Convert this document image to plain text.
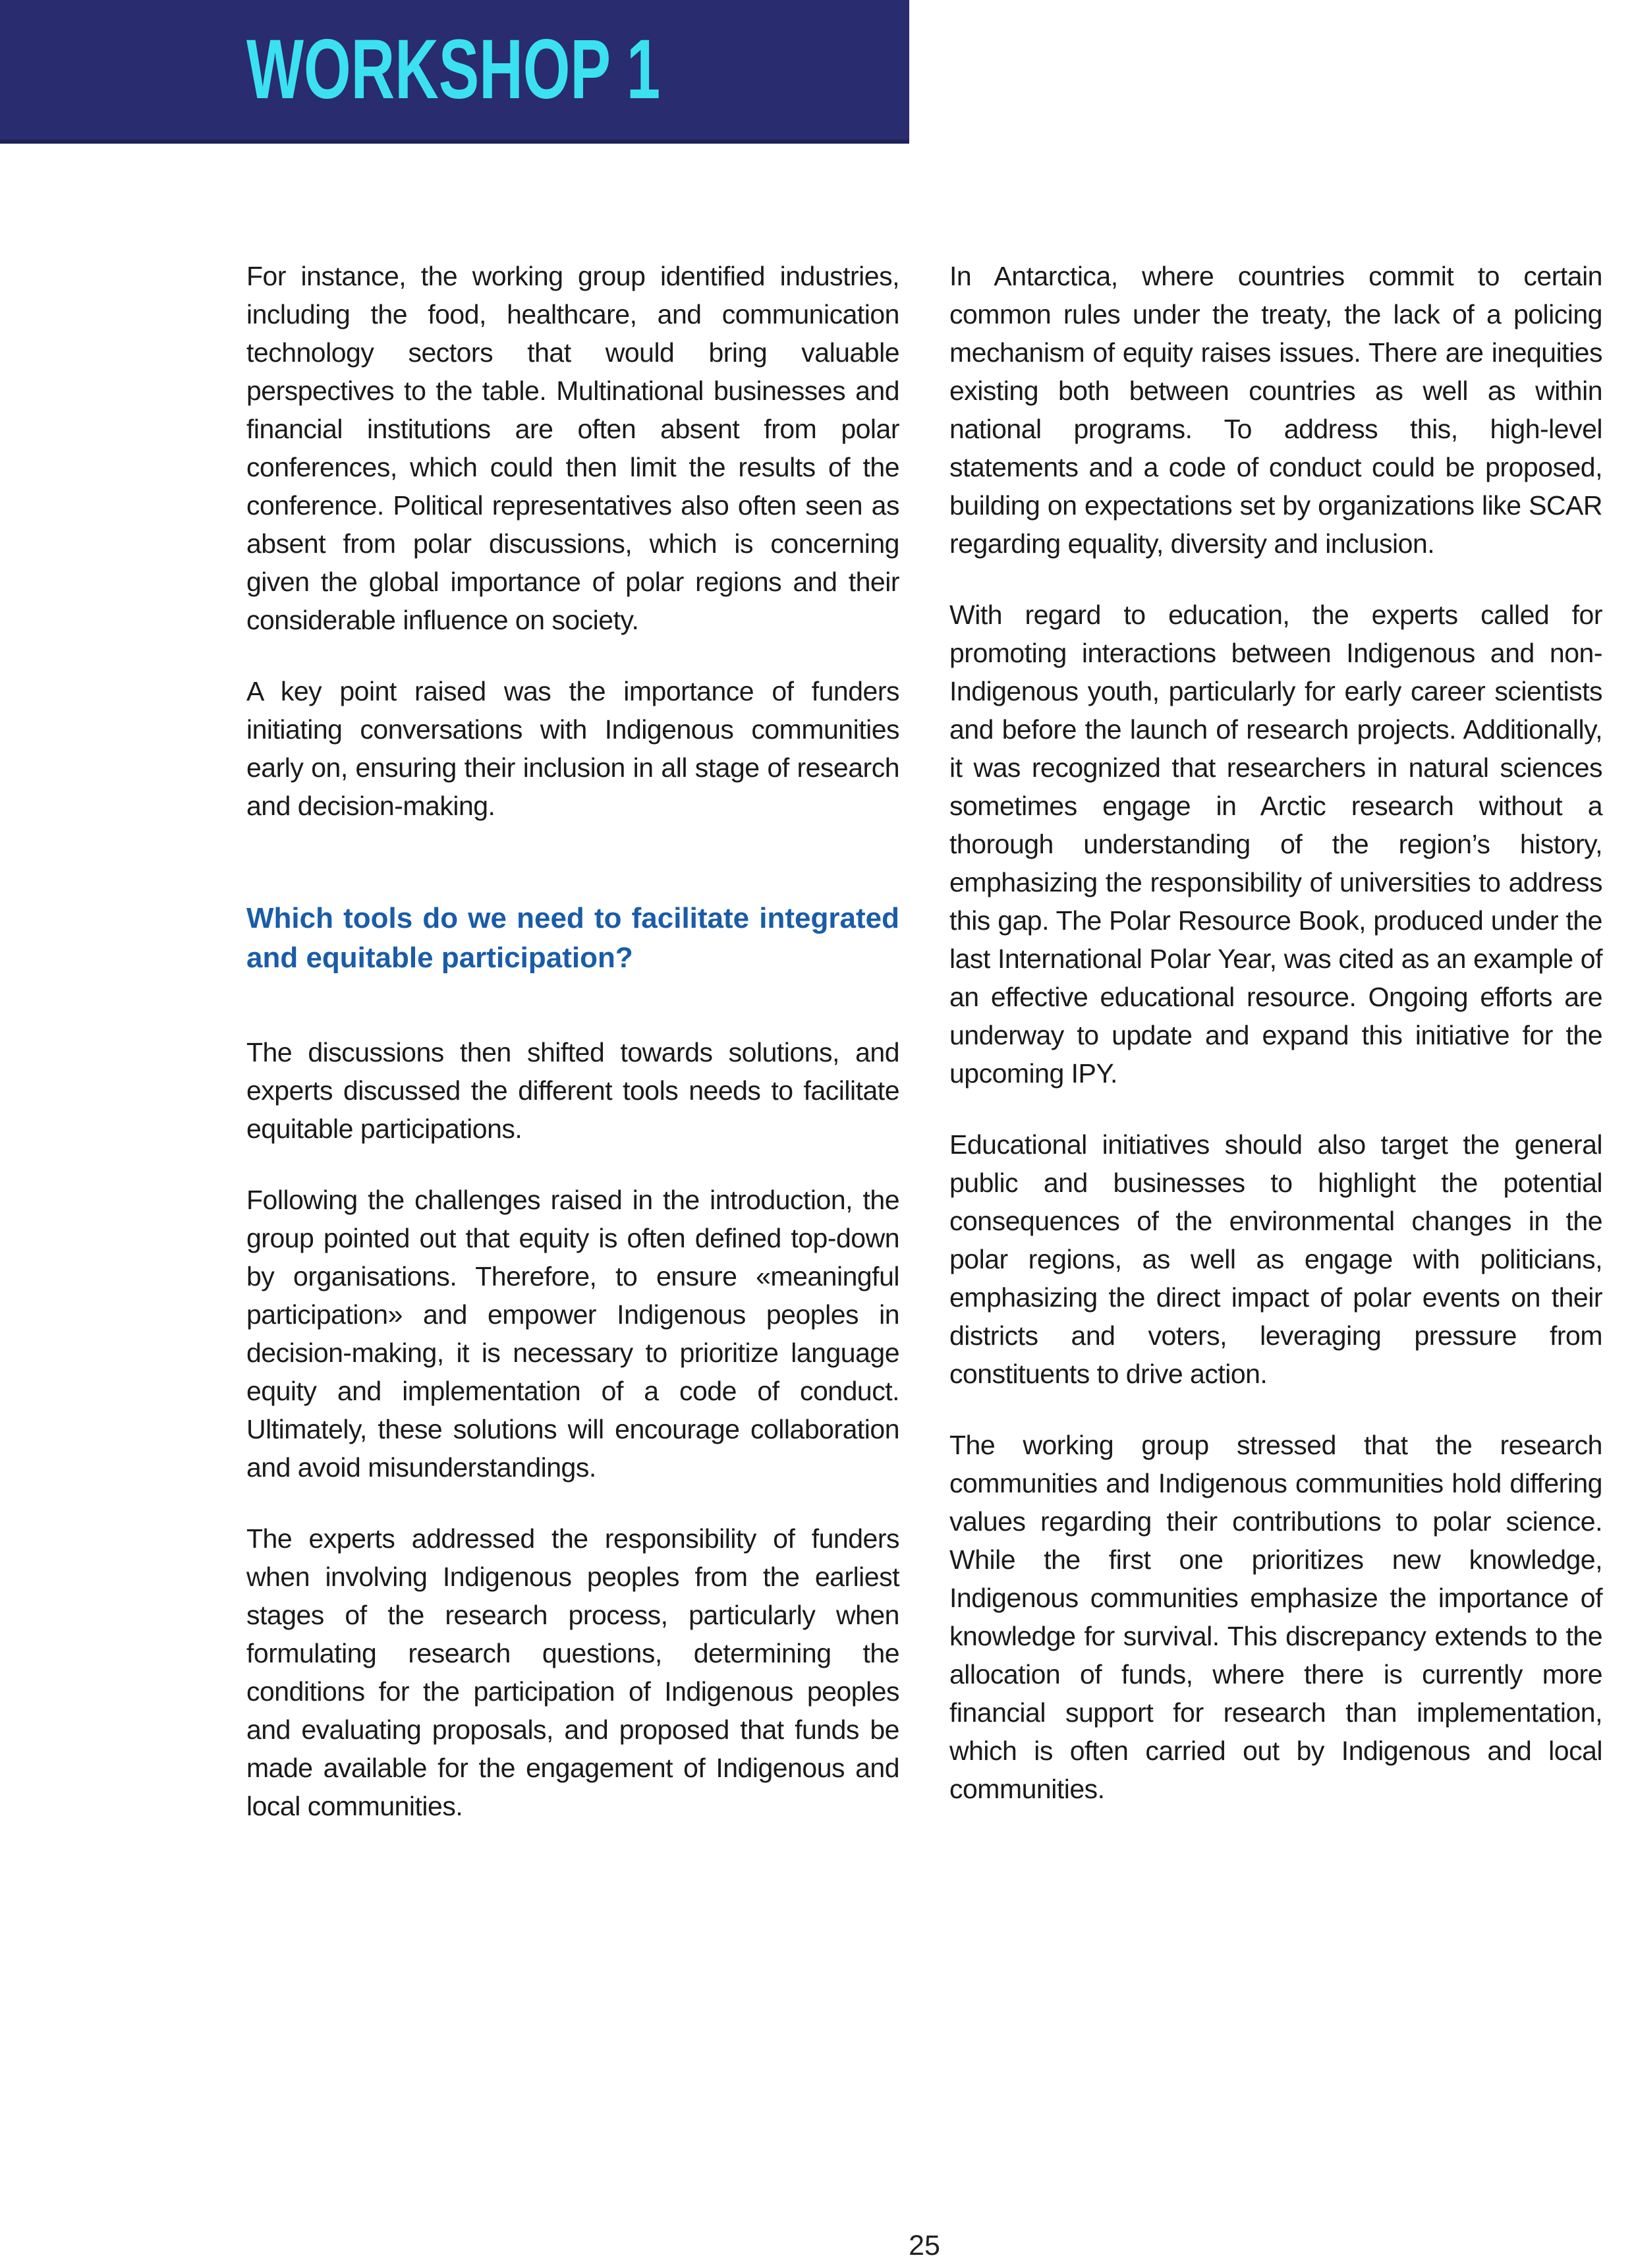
WORKSHOP 1

For instance, the working group identified industries, including the food, healthcare, and communication technology sectors that would bring valuable perspectives to the table. Multinational businesses and financial institutions are often absent from polar conferences, which could then limit the results of the conference. Political representatives also often seen as absent from polar discussions, which is concerning given the global importance of polar regions and their considerable influence on society.

A key point raised was the importance of funders initiating conversations with Indigenous communities early on, ensuring their inclusion in all stage of research and decision-making.

Which tools do we need to facilitate integrated and equitable participation?

The discussions then shifted towards solutions, and experts discussed the different tools needs to facilitate equitable participations.

Following the challenges raised in the introduction, the group pointed out that equity is often defined top-down by organisations. Therefore, to ensure «meaningful participation» and empower Indigenous peoples in decision-making, it is necessary to prioritize language equity and implementation of a code of conduct. Ultimately, these solutions will encourage collaboration and avoid misunderstandings.

The experts addressed the responsibility of funders when involving Indigenous peoples from the earliest stages of the research process, particularly when formulating research questions, determining the conditions for the participation of Indigenous peoples and evaluating proposals, and proposed that funds be made available for the engagement of Indigenous and local communities.

In Antarctica, where countries commit to certain common rules under the treaty, the lack of a policing mechanism of equity raises issues. There are inequities existing both between countries as well as within national programs. To address this, high-level statements and a code of conduct could be proposed, building on expectations set by organizations like SCAR regarding equality, diversity and inclusion.

With regard to education, the experts called for promoting interactions between Indigenous and non-Indigenous youth, particularly for early career scientists and before the launch of research projects. Additionally, it was recognized that researchers in natural sciences sometimes engage in Arctic research without a thorough understanding of the region’s history, emphasizing the responsibility of universities to address this gap. The Polar Resource Book, produced under the last International Polar Year, was cited as an example of an effective educational resource. Ongoing efforts are underway to update and expand this initiative for the upcoming IPY.

Educational initiatives should also target the general public and businesses to highlight the potential consequences of the environmental changes in the polar regions, as well as engage with politicians, emphasizing the direct impact of polar events on their districts and voters, leveraging pressure from constituents to drive action.

The working group stressed that the research communities and Indigenous communities hold differing values regarding their contributions to polar science. While the first one prioritizes new knowledge, Indigenous communities emphasize the importance of knowledge for survival. This discrepancy extends to the allocation of funds, where there is currently more financial support for research than implementation, which is often carried out by Indigenous and local communities.

25
